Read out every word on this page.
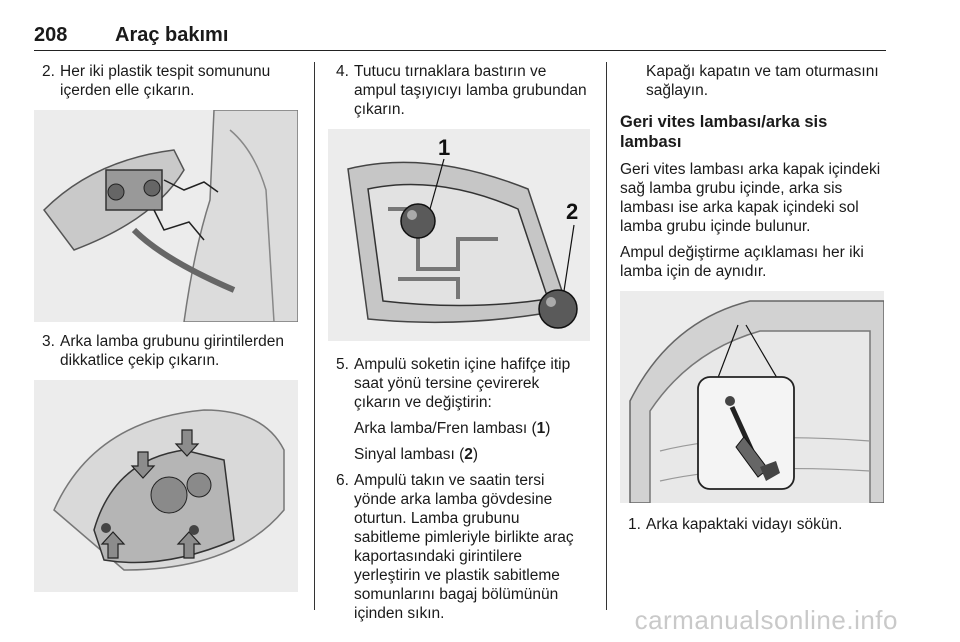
208 Araç bakımı

2. Her iki plastik tespit somununu içerden elle çıkarın.

3. Arka lamba grubunu girintilerden dikkatlice çekip çıkarın.

4. Tutucu tırnaklara bastırın ve ampul taşıyıcıyı lamba grubundan çıkarın.

1
2

5. Ampulü soketin içine hafifçe itip saat yönü tersine çevirerek çıkarın ve değiştirin:

Arka lamba/Fren lambası (1)
Sinyal lambası (2)

6. Ampulü takın ve saatin tersi yönde arka lamba gövdesine oturtun. Lamba grubunu sabitleme pimleriyle birlikte araç kaportasındaki girintilere yerleştirin ve plastik sabitleme somunlarını bagaj bölümünün içinden sıkın.

Kapağı kapatın ve tam oturmasını sağlayın.

Geri vites lambası/arka sis lambası

Geri vites lambası arka kapak içindeki sağ lamba grubu içinde, arka sis lambası ise arka kapak içindeki sol lamba grubu içinde bulunur.

Ampul değiştirme açıklaması her iki lamba için de aynıdır.

1. Arka kapaktaki vidayı sökün.

carmanualsonline.info
